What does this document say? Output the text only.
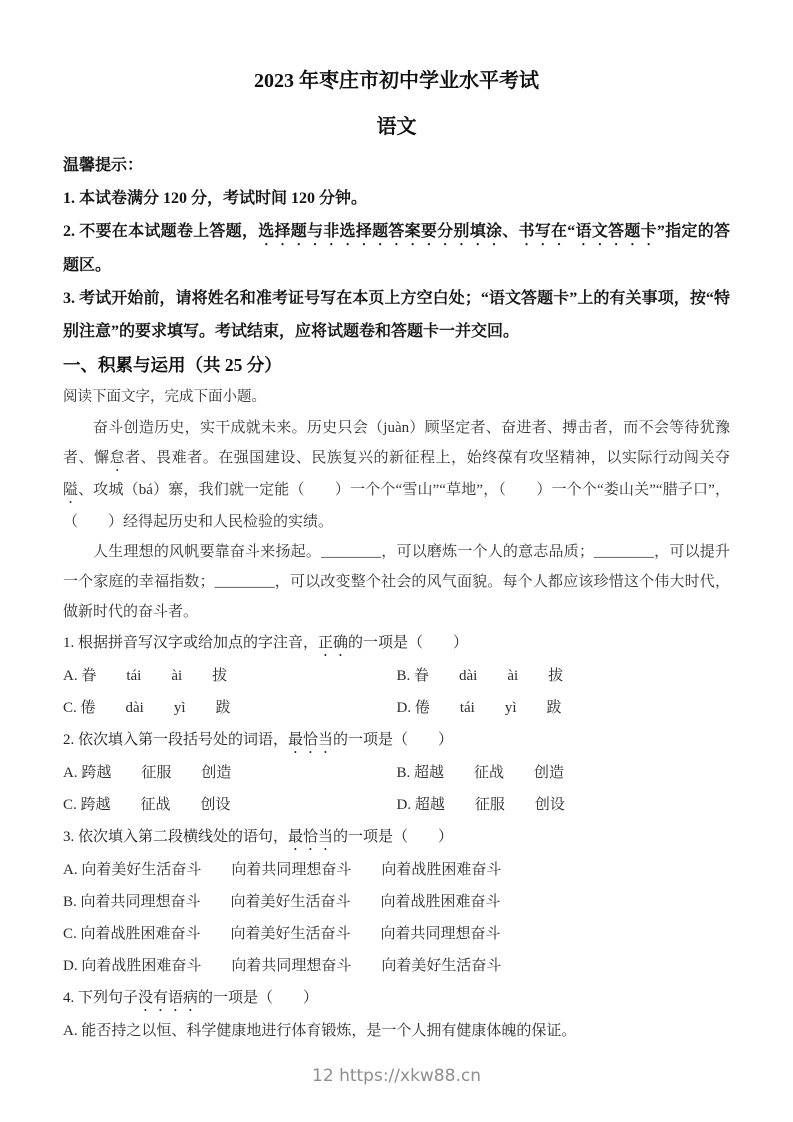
2023 年枣庄市初中学业水平考试
语文

温馨提示：

1. 本试卷满分 120 分，考试时间 120 分钟。

2. 不要在本试题卷上答题，选择题与非选择题答案要分别填涂、书写在“语文答题卡”指定的答题区。

3. 考试开始前，请将姓名和准考证号写在本页上方空白处；“语文答题卡”上的有关事项，按“特别注意”的要求填写。考试结束，应将试题卷和答题卡一并交回。

一、积累与运用（共 25 分）

阅读下面文字，完成下面小题。

奋斗创造历史，实干成就未来。历史只会（juàn）顾坚定者、奋进者、搏击者，而不会等待犹豫者、懈怠者、畏难者。在强国建设、民族复兴的新征程上，始终葆有攻坚精神，以实际行动闯关夺隘、攻城（bá）寨，我们就一定能（　　）一个个“雪山”“草地”，（　　）一个个“娄山关”“腊子口”，（　　）经得起历史和人民检验的实绩。

人生理想的风帆要靠奋斗来扬起。________，可以磨炼一个人的意志品质；________，可以提升一个家庭的幸福指数；________，可以改变整个社会的风气面貌。每个人都应该珍惜这个伟大时代，做新时代的奋斗者。

1. 根据拼音写汉字或给加点的字注音，正确的一项是（　　）

A. 眷　　tái　　ài　　拔	B. 眷　　dài　　ài　　拔
C. 倦　　dài　　yì　　跋	D. 倦　　tái　　yì　　跋

2. 依次填入第一段括号处的词语，最恰当的一项是（　　）

A. 跨越　　征服　　创造	B. 超越　　征战　　创造
C. 跨越　　征战　　创设	D. 超越　　征服　　创设

3. 依次填入第二段横线处的语句，最恰当的一项是（　　）

A. 向着美好生活奋斗　　向着共同理想奋斗　　向着战胜困难奋斗
B. 向着共同理想奋斗　　向着美好生活奋斗　　向着战胜困难奋斗
C. 向着战胜困难奋斗　　向着美好生活奋斗　　向着共同理想奋斗
D. 向着战胜困难奋斗　　向着共同理想奋斗　　向着美好生活奋斗

4. 下列句子没有语病的一项是（　　）

A. 能否持之以恒、科学健康地进行体育锻炼，是一个人拥有健康体魄的保证。
12 https://xkw88.cn
